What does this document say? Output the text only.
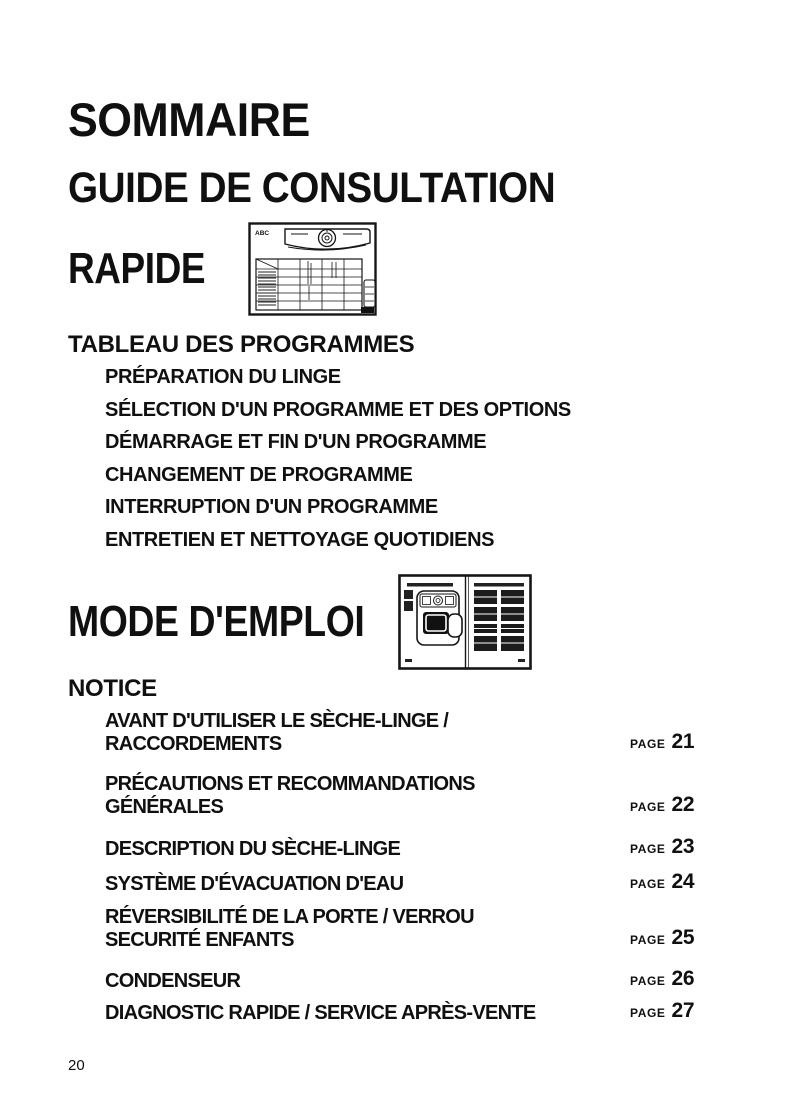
SOMMAIRE
GUIDE DE CONSULTATION
RAPIDE
ABC
TABLEAU DES PROGRAMMES
PRÉPARATION DU LINGE
SÉLECTION D'UN PROGRAMME ET DES OPTIONS
DÉMARRAGE ET FIN D'UN PROGRAMME
CHANGEMENT DE PROGRAMME
INTERRUPTION D'UN PROGRAMME
ENTRETIEN ET NETTOYAGE QUOTIDIENS
MODE D'EMPLOI
NOTICE
AVANT D'UTILISER LE SÈCHE-LINGE /
RACCORDEMENTS	PAGE 21
PRÉCAUTIONS ET RECOMMANDATIONS
GÉNÉRALES	PAGE 22
DESCRIPTION DU SÈCHE-LINGE	PAGE 23
SYSTÈME D'ÉVACUATION D'EAU	PAGE 24
RÉVERSIBILITÉ DE LA PORTE / VERROU
SECURITÉ ENFANTS	PAGE 25
CONDENSEUR	PAGE 26
DIAGNOSTIC RAPIDE / SERVICE APRÈS-VENTE	PAGE 27
20
